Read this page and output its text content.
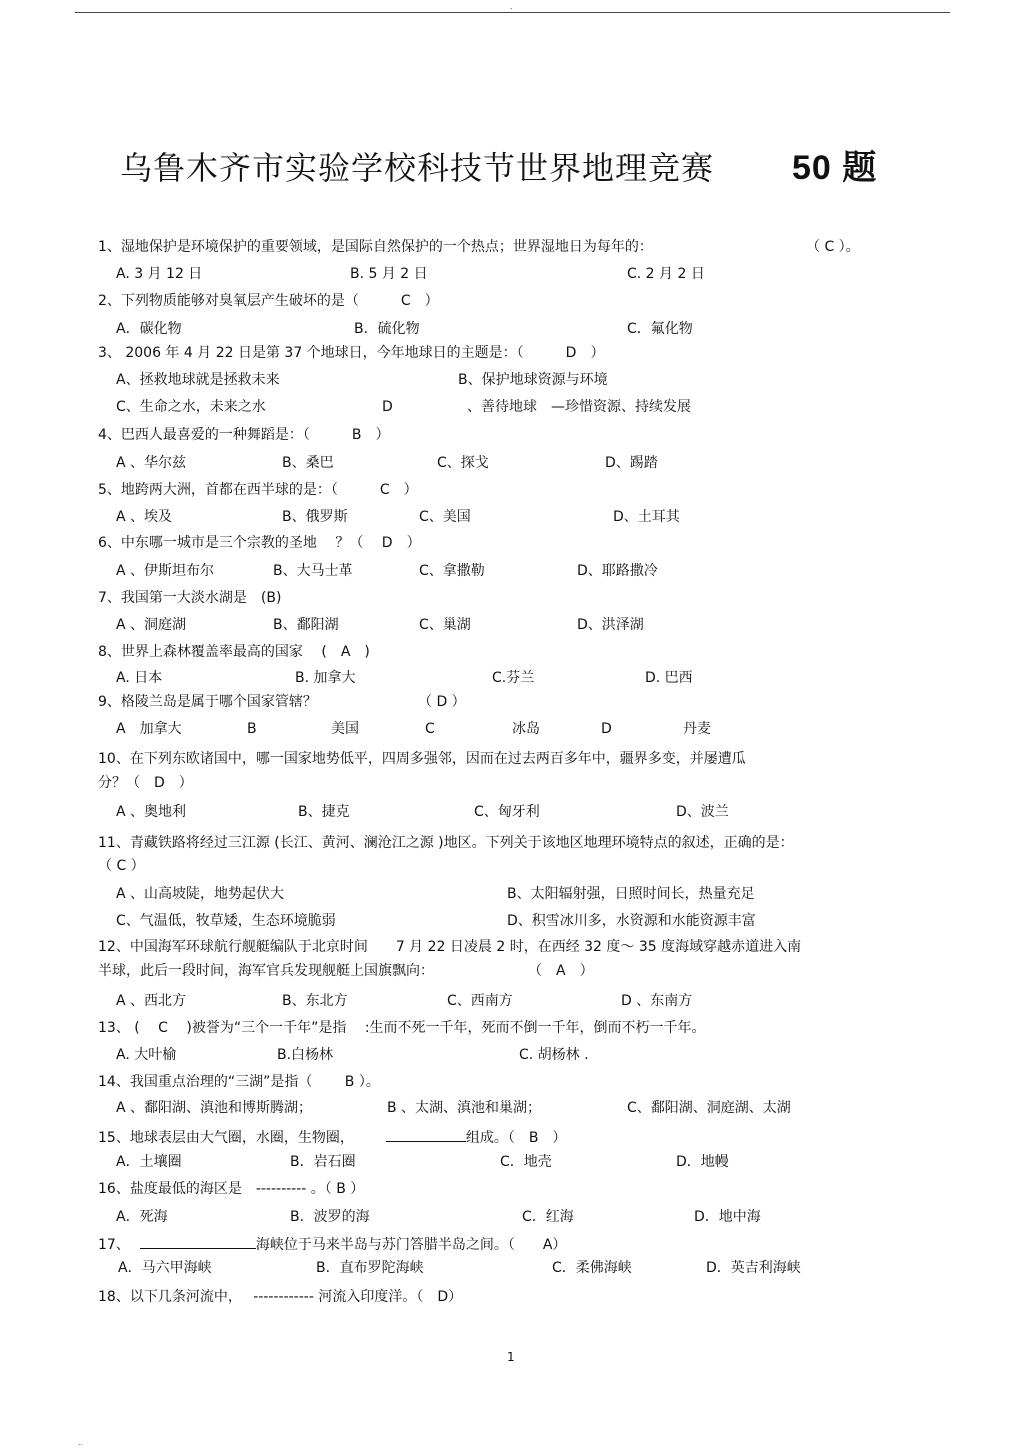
.
乌鲁木齐市实验学校科技节世界地理竞赛 50 题
1、湿地保护是环境保护的重要领域，是国际自然保护的一个热点；世界湿地日为每年的：	（ C ）。
A. 3 月 12 日	B. 5 月 2 日	C. 2 月 2 日
2、下列物质能够对臭氧层产生破坏的是（　　　C　）
A．碳化物	B．硫化物	C．氟化物
3、 2006 年 4 月 22 日是第 37 个地球日，今年地球日的主题是：（　　　D　）
A、拯救地球就是拯救未来	B、保护地球资源与环境
C、生命之水，未来之水	D	、善待地球　—珍惜资源、持续发展
4、巴西人最喜爱的一种舞蹈是：（　　　B　）
A 、华尔兹	B、桑巴	C、探戈	D、踢踏
5、地跨两大洲，首都在西半球的是：（　　　C　）
A 、埃及	B、俄罗斯	C、美国	D、土耳其
6、中东哪一城市是三个宗教的圣地　 ？（　 D　）
A 、伊斯坦布尔	B、大马士革	C、拿撒勒	D、耶路撒冷
7、我国第一大淡水湖是　(B)
A 、洞庭湖	B、鄱阳湖	C、巢湖	D、洪泽湖
8、世界上森林覆盖率最高的国家　 (　A　)
A. 日本	B. 加拿大	C.芬兰	D. 巴西
9、格陵兰岛是属于哪个国家管辖？	（ D ）
A　加拿大	B	美国	C	冰岛	D	丹麦
10、在下列东欧诸国中，哪一国家地势低平，四周多强邻，因而在过去两百多年中，疆界多变，并屡遭瓜
分？（　D　）
A 、奥地利	B、捷克	C、匈牙利	D、波兰
11、青藏铁路将经过三江源 (长江、黄河、澜沧江之源 )地区。下列关于该地区地理环境特点的叙述，正确的是：
（ C ）
A 、山高坡陡，地势起伏大	B、太阳辐射强，日照时间长，热量充足
C、气温低，牧草矮，生态环境脆弱	D、积雪冰川多，水资源和水能资源丰富
12、中国海军环球航行舰艇编队于北京时间　　7 月 22 日凌晨 2 时，在西经 32 度～ 35 度海域穿越赤道进入南
半球，此后一段时间，海军官兵发现舰艇上国旗飘向：	（　A　）
A 、西北方	B、东北方	C、西南方	D 、东南方
13、 (　 C　 )被誉为“三个一千年”是指　 :生而不死一千年，死而不倒一千年，倒而不朽一千年。
A. 大叶榆	B.白杨林	C. 胡杨林 .
14、我国重点治理的“三湖”是指（　　 B ）。
A 、鄱阳湖、滇池和博斯腾湖；	B 、太湖、滇池和巢湖；	C、鄱阳湖、洞庭湖、太湖
15、地球表层由大气圈，水圈，生物圈，	组成。（　B　）
A．土壤圈	B．岩石圈	C．地壳	D．地幔
16、盐度最低的海区是　---------- 。（ B ）
A．死海	B．波罗的海	C．红海	D．地中海
17、	海峡位于马来半岛与苏门答腊半岛之间。（　　A）
A．马六甲海峡	B．直布罗陀海峡	C．柔佛海峡	D．英吉利海峡
18、以下几条河流中，　 ------------ 河流入印度洋。（　D）
1
..
